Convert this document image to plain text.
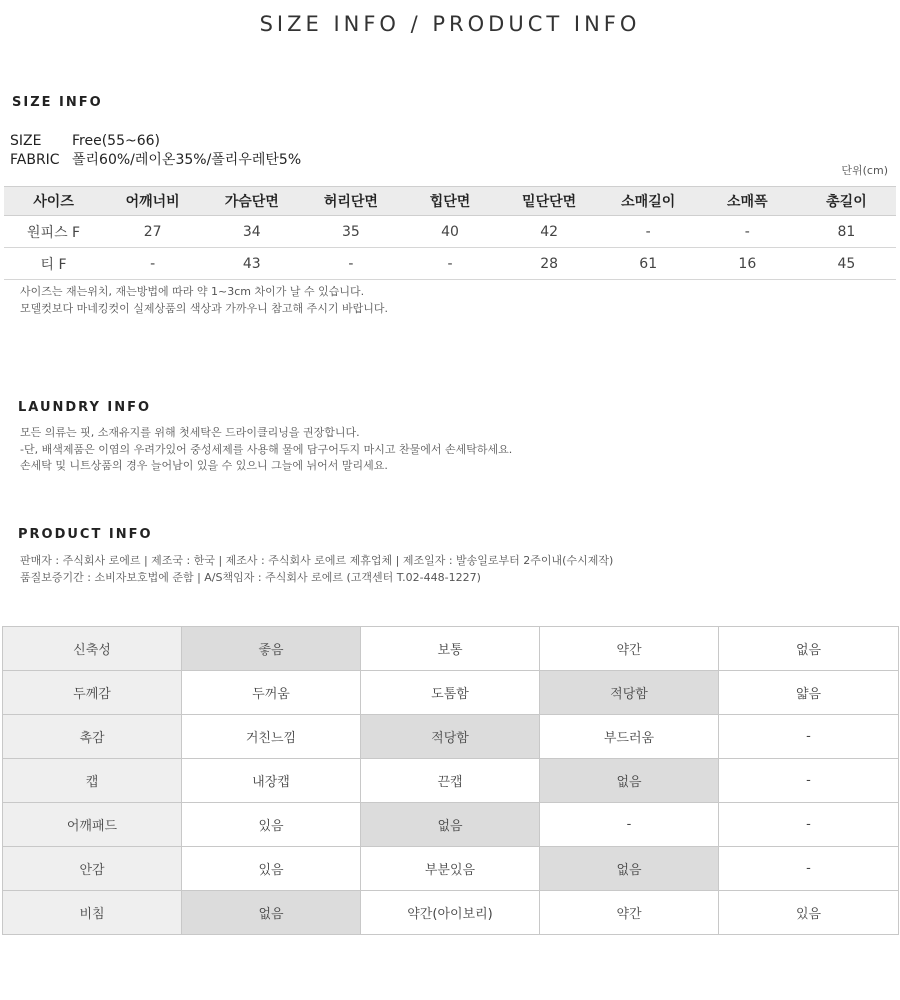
SIZE INFO / PRODUCT INFO
SIZE INFO
SIZE Free(55~66)
FABRIC 폴리60%/레이온35%/폴리우레탄5%
단위(cm)
사이즈	어깨너비	가슴단면	허리단면	힙단면	밑단단면	소매길이	소매폭	총길이
원피스 F	27	34	35	40	42	-	-	81
티 F	-	43	-	-	28	61	16	45
사이즈는 재는위치, 재는방법에 따라 약 1~3cm 차이가 날 수 있습니다.
모델컷보다 마네킹컷이 실제상품의 색상과 가까우니 참고해 주시기 바랍니다.
LAUNDRY INFO
모든 의류는 핏, 소재유지를 위해 첫세탁은 드라이클리닝을 권장합니다.
-단, 배색제품은 이염의 우려가있어 중성세제를 사용해 물에 담구어두지 마시고 찬물에서 손세탁하세요.
손세탁 및 니트상품의 경우 늘어남이 있을 수 있으니 그늘에 뉘어서 말리세요.
PRODUCT INFO
판매자 : 주식회사 로에르 | 제조국 : 한국 | 제조사 : 주식회사 로에르 제휴업체 | 제조일자 : 발송일로부터 2주이내(수시제작)
품질보증기간 : 소비자보호법에 준함 | A/S책임자 : 주식회사 로에르 (고객센터 T.02-448-1227)
신축성	좋음	보통	약간	없음
두께감	두꺼움	도톰함	적당함	얇음
촉감	거친느낌	적당함	부드러움	-
캡	내장캡	끈캡	없음	-
어깨패드	있음	없음	-	-
안감	있음	부분있음	없음	-
비침	없음	약간(아이보리)	약간	있음
